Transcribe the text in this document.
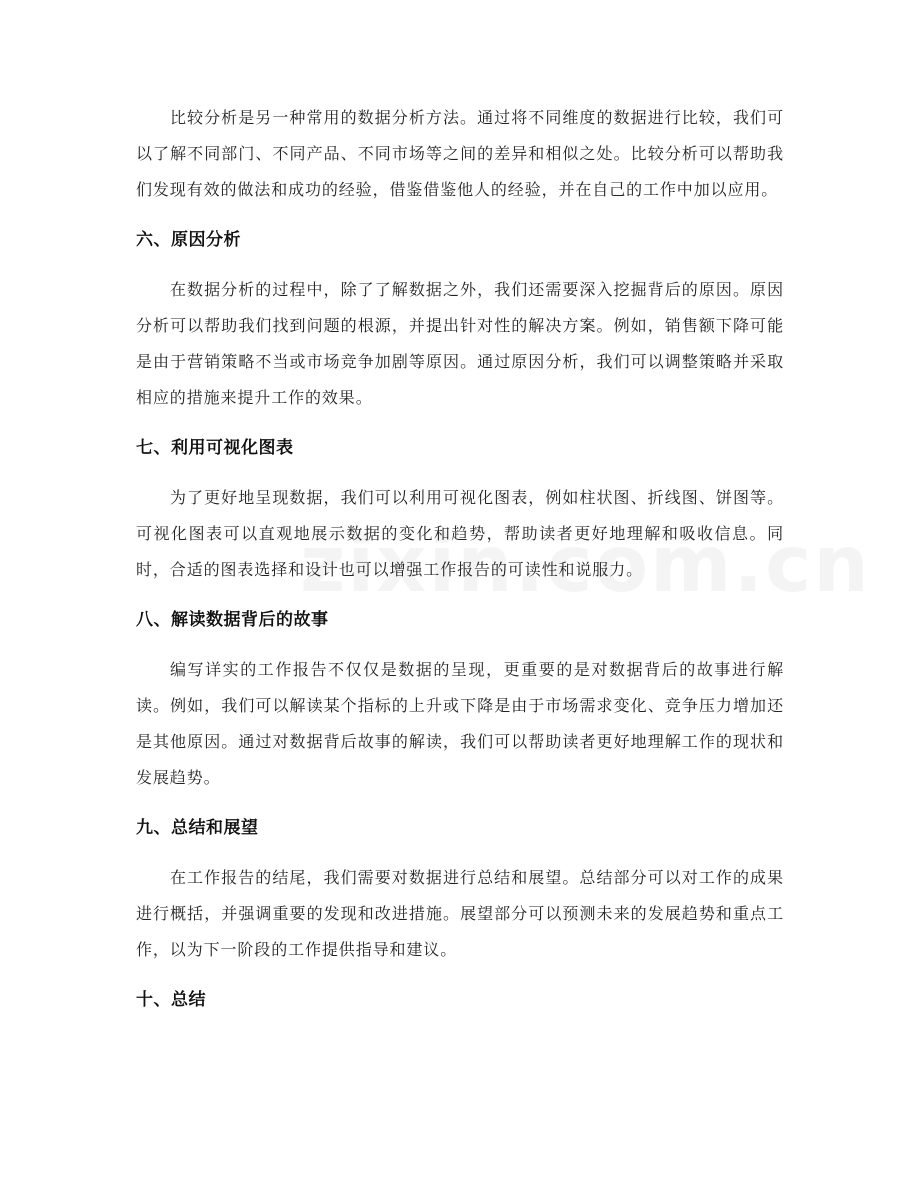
比较分析是另一种常用的数据分析方法。通过将不同维度的数据进行比较，我们可以了解不同部门、不同产品、不同市场等之间的差异和相似之处。比较分析可以帮助我们发现有效的做法和成功的经验，借鉴借鉴他人的经验，并在自己的工作中加以应用。

六、原因分析

在数据分析的过程中，除了了解数据之外，我们还需要深入挖掘背后的原因。原因分析可以帮助我们找到问题的根源，并提出针对性的解决方案。例如，销售额下降可能是由于营销策略不当或市场竞争加剧等原因。通过原因分析，我们可以调整策略并采取相应的措施来提升工作的效果。

七、利用可视化图表

为了更好地呈现数据，我们可以利用可视化图表，例如柱状图、折线图、饼图等。可视化图表可以直观地展示数据的变化和趋势，帮助读者更好地理解和吸收信息。同时，合适的图表选择和设计也可以增强工作报告的可读性和说服力。

八、解读数据背后的故事

编写详实的工作报告不仅仅是数据的呈现，更重要的是对数据背后的故事进行解读。例如，我们可以解读某个指标的上升或下降是由于市场需求变化、竞争压力增加还是其他原因。通过对数据背后故事的解读，我们可以帮助读者更好地理解工作的现状和发展趋势。

九、总结和展望

在工作报告的结尾，我们需要对数据进行总结和展望。总结部分可以对工作的成果进行概括，并强调重要的发现和改进措施。展望部分可以预测未来的发展趋势和重点工作，以为下一阶段的工作提供指导和建议。

十、总结
